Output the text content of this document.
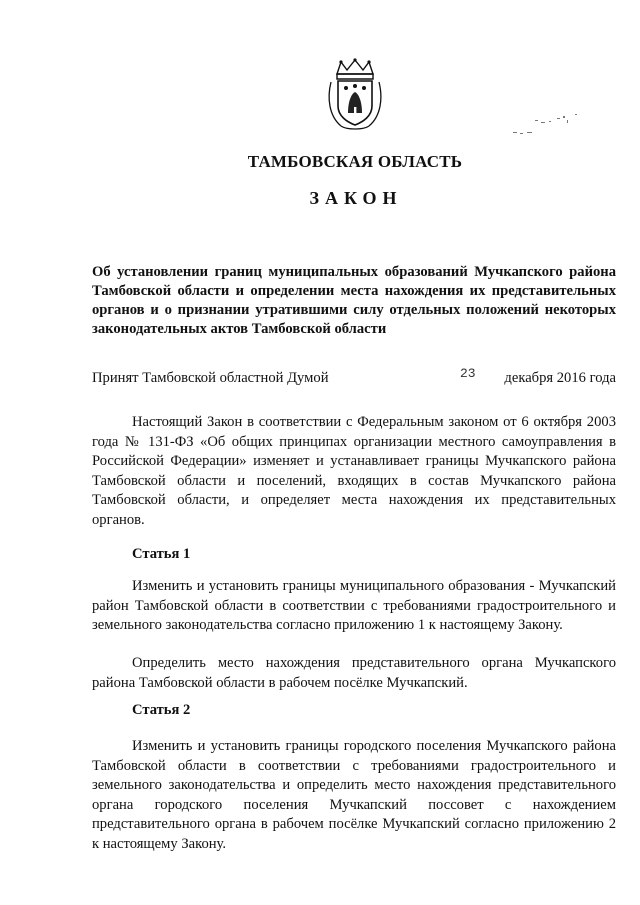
ТАМБОВСКАЯ ОБЛАСТЬ
ЗАКОН
Об установлении границ муниципальных образований Мучкапского района Тамбовской области и определении места нахождения их представительных органов и о признании утратившими силу отдельных положений некоторых законодательных актов Тамбовской области
Принят Тамбовской областной Думой	23 декабря 2016 года

Настоящий Закон в соответствии с Федеральным законом от 6 октября 2003 года № 131-ФЗ «Об общих принципах организации местного самоуправления в Российской Федерации» изменяет и устанавливает границы Мучкапского района Тамбовской области и поселений, входящих в состав Мучкапского района Тамбовской области, и определяет места нахождения их представительных органов.

Статья 1

Изменить и установить границы муниципального образования - Мучкапский район Тамбовской области в соответствии с требованиями градостроительного и земельного законодательства согласно приложению 1 к настоящему Закону.

Определить место нахождения представительного органа Мучкапского района Тамбовской области в рабочем посёлке Мучкапский.

Статья 2

Изменить и установить границы городского поселения Мучкапского района Тамбовской области в соответствии с требованиями градостроительного и земельного законодательства и определить место нахождения представительного органа городского поселения Мучкапский поссовет с нахождением представительного органа в рабочем посёлке Мучкапский согласно приложению 2 к настоящему Закону.
